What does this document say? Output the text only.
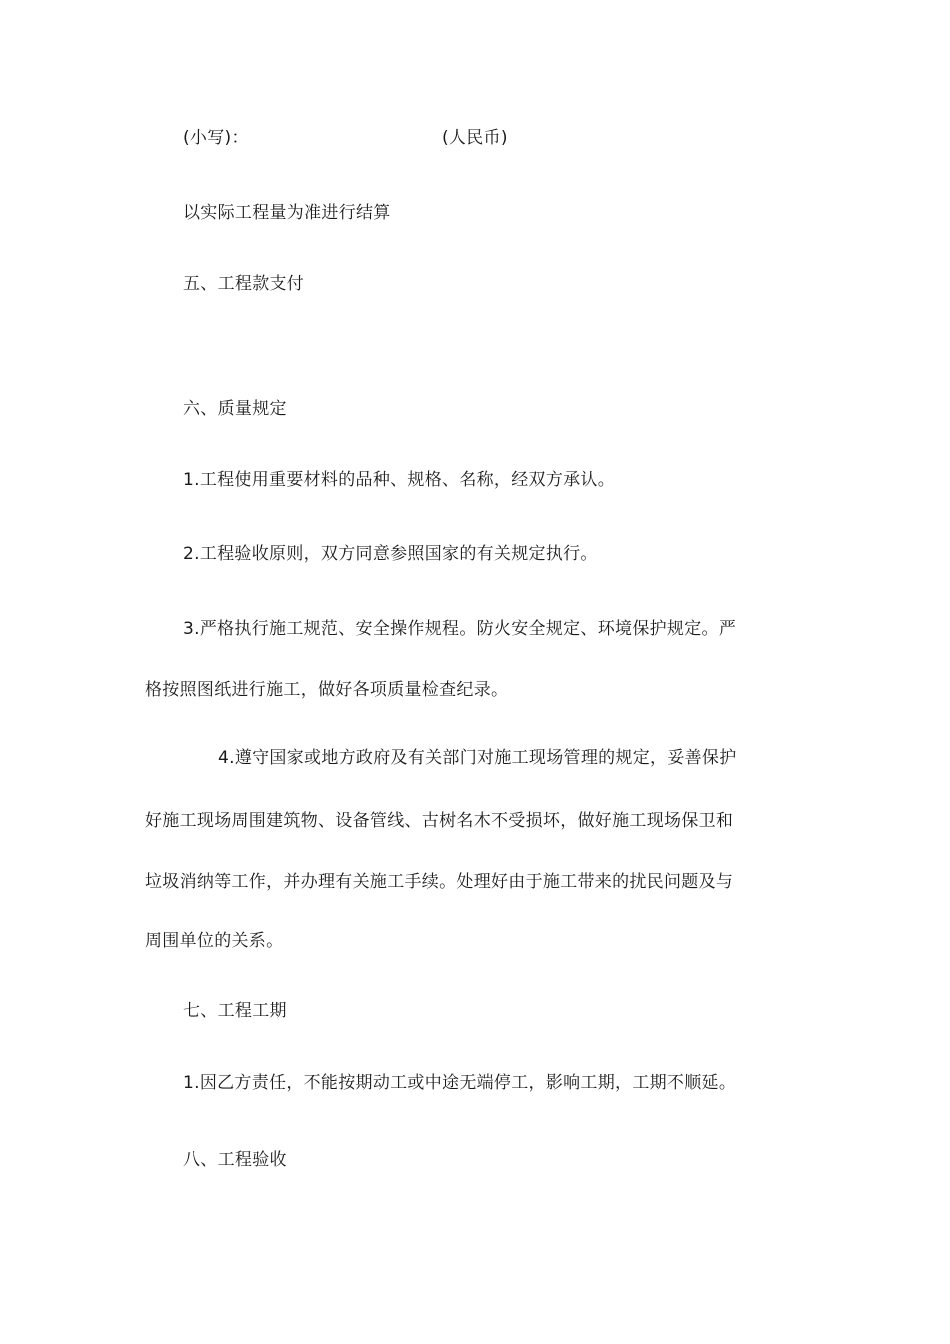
(小写)：	(人民币)
以实际工程量为准进行结算
五、工程款支付
六、质量规定
1.工程使用重要材料的品种、规格、名称，经双方承认。
2.工程验收原则，双方同意参照国家的有关规定执行。
3.严格执行施工规范、安全操作规程。防火安全规定、环境保护规定。严
格按照图纸进行施工，做好各项质量检查纪录。
4.遵守国家或地方政府及有关部门对施工现场管理的规定，妥善保护
好施工现场周围建筑物、设备管线、古树名木不受损坏，做好施工现场保卫和
垃圾消纳等工作，并办理有关施工手续。处理好由于施工带来的扰民问题及与
周围单位的关系。
七、工程工期
1.因乙方责任，不能按期动工或中途无端停工，影响工期，工期不顺延。
八、工程验收
